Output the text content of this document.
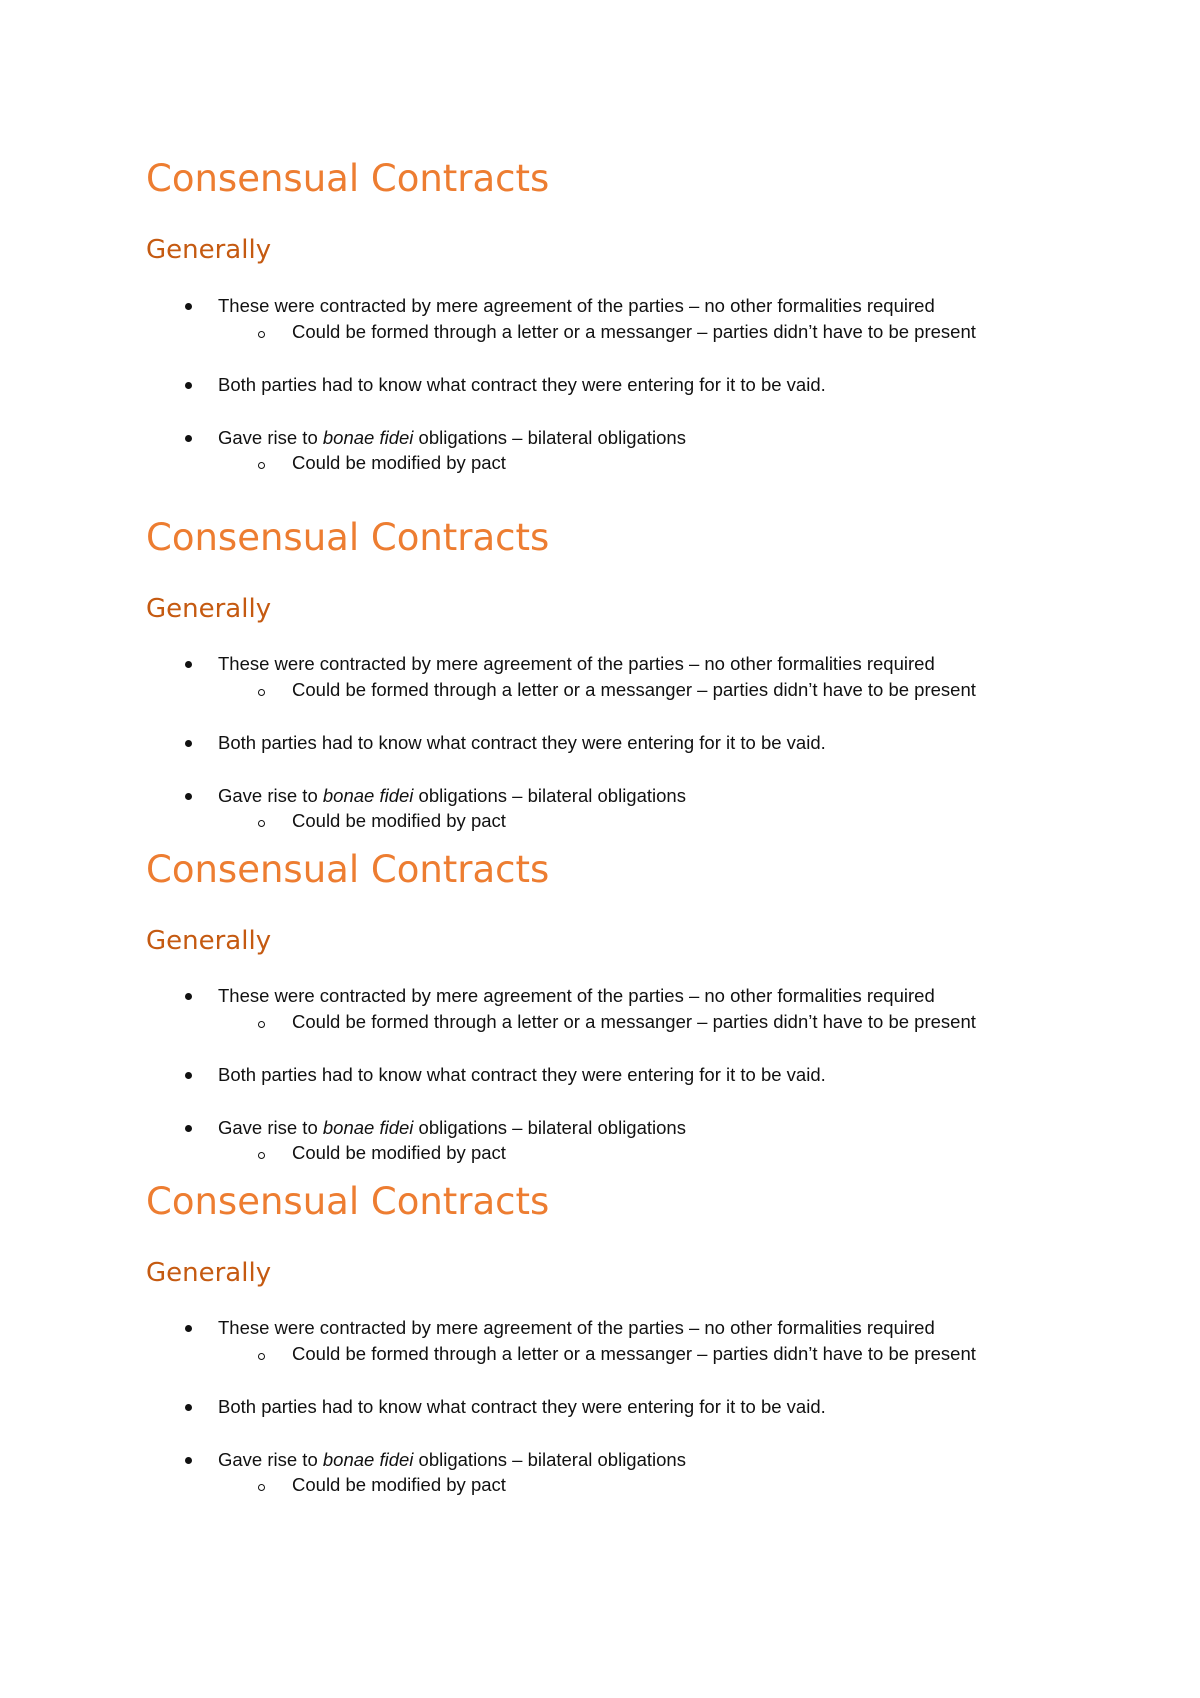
Consensual Contracts
Generally
These were contracted by mere agreement of the parties – no other formalities required
Could be formed through a letter or a messanger – parties didn’t have to be present
Both parties had to know what contract they were entering for it to be vaid.
Gave rise to bonae fidei obligations – bilateral obligations
Could be modified by pact
Consensual Contracts
Generally
These were contracted by mere agreement of the parties – no other formalities required
Could be formed through a letter or a messanger – parties didn’t have to be present
Both parties had to know what contract they were entering for it to be vaid.
Gave rise to bonae fidei obligations – bilateral obligations
Could be modified by pact
Consensual Contracts
Generally
These were contracted by mere agreement of the parties – no other formalities required
Could be formed through a letter or a messanger – parties didn’t have to be present
Both parties had to know what contract they were entering for it to be vaid.
Gave rise to bonae fidei obligations – bilateral obligations
Could be modified by pact
Consensual Contracts
Generally
These were contracted by mere agreement of the parties – no other formalities required
Could be formed through a letter or a messanger – parties didn’t have to be present
Both parties had to know what contract they were entering for it to be vaid.
Gave rise to bonae fidei obligations – bilateral obligations
Could be modified by pact
